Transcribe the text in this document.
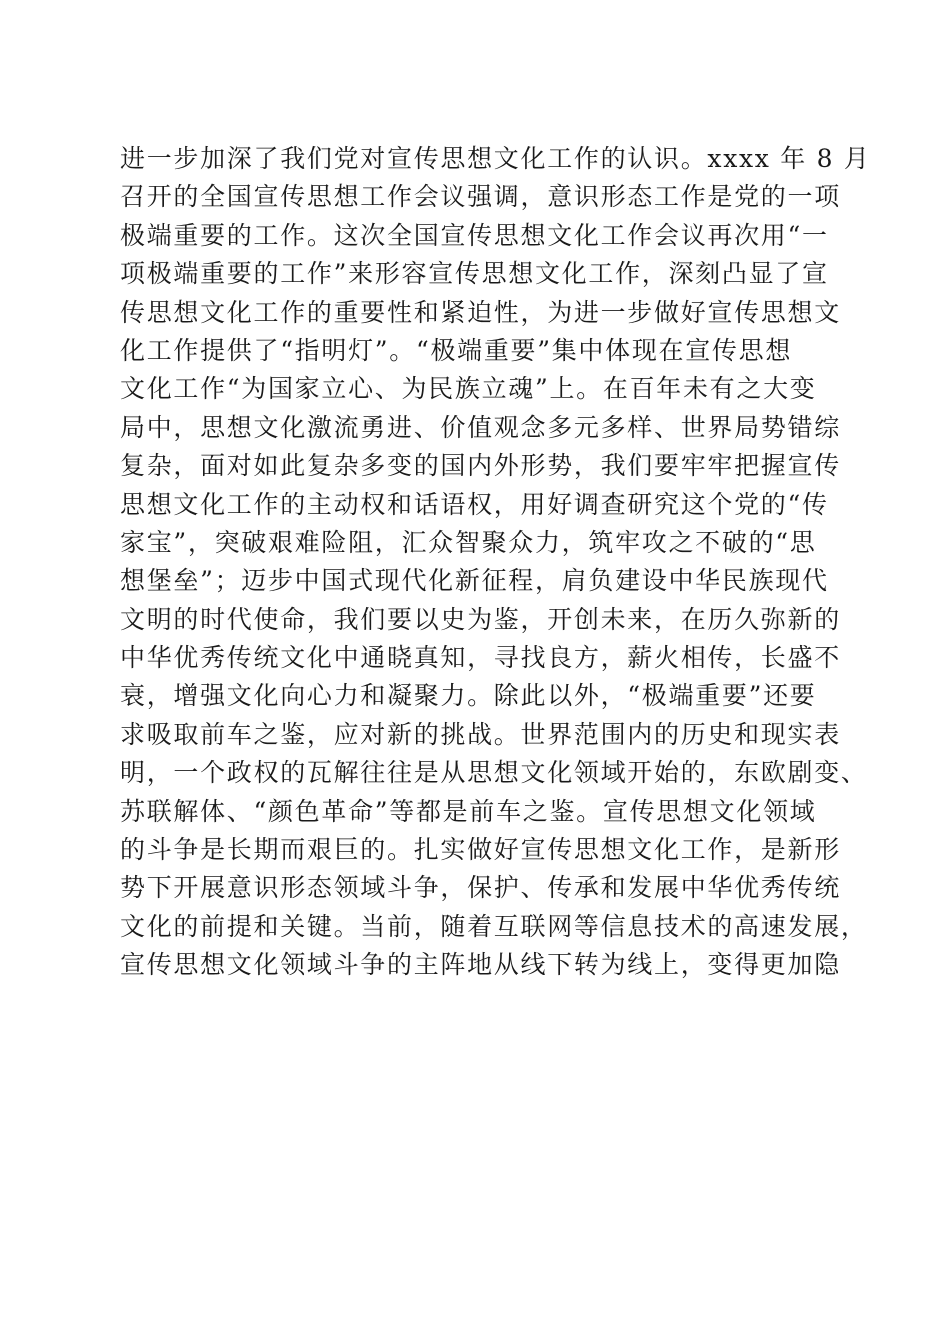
进一步加深了我们党对宣传思想文化工作的认识。xxxx 年 8 月
召开的全国宣传思想工作会议强调，意识形态工作是党的一项
极端重要的工作。这次全国宣传思想文化工作会议再次用“一
项极端重要的工作”来形容宣传思想文化工作，深刻凸显了宣
传思想文化工作的重要性和紧迫性，为进一步做好宣传思想文
化工作提供了“指明灯”。“极端重要”集中体现在宣传思想
文化工作“为国家立心、为民族立魂”上。在百年未有之大变
局中，思想文化激流勇进、价值观念多元多样、世界局势错综
复杂，面对如此复杂多变的国内外形势，我们要牢牢把握宣传
思想文化工作的主动权和话语权，用好调查研究这个党的“传
家宝”，突破艰难险阻，汇众智聚众力，筑牢攻之不破的“思
想堡垒”；迈步中国式现代化新征程，肩负建设中华民族现代
文明的时代使命，我们要以史为鉴，开创未来，在历久弥新的
中华优秀传统文化中通晓真知，寻找良方，薪火相传，长盛不
衰，增强文化向心力和凝聚力。除此以外，“极端重要”还要
求吸取前车之鉴，应对新的挑战。世界范围内的历史和现实表
明，一个政权的瓦解往往是从思想文化领域开始的，东欧剧变、
苏联解体、“颜色革命”等都是前车之鉴。宣传思想文化领域
的斗争是长期而艰巨的。扎实做好宣传思想文化工作，是新形
势下开展意识形态领域斗争，保护、传承和发展中华优秀传统
文化的前提和关键。当前，随着互联网等信息技术的高速发展，
宣传思想文化领域斗争的主阵地从线下转为线上，变得更加隐
